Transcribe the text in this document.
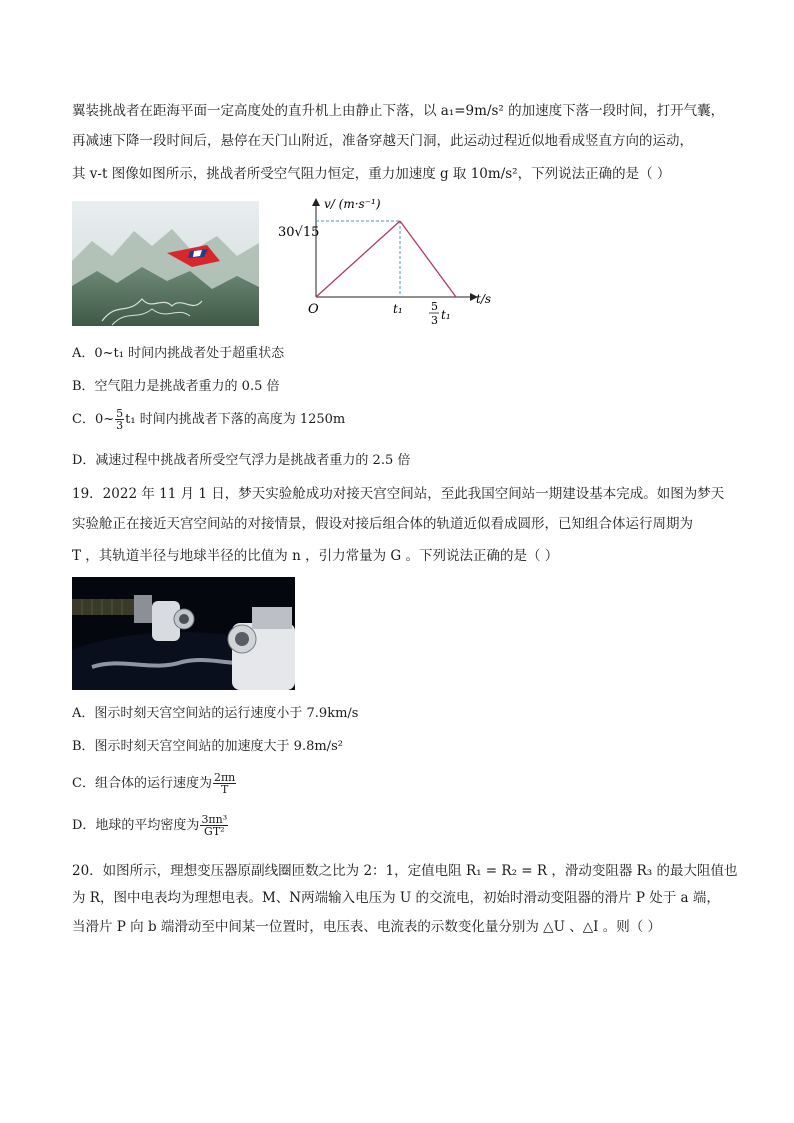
翼装挑战者在距海平面一定高度处的直升机上由静止下落，以 a₁=9m/s² 的加速度下落一段时间，打开气囊，
再减速下降一段时间后，悬停在天门山附近，准备穿越天门洞，此运动过程近似地看成竖直方向的运动，
其 v-t 图像如图所示，挑战者所受空气阻力恒定，重力加速度 g 取 10m/s²，下列说法正确的是（ ）
v/ (m·s⁻¹)
30√15
O	t₁	5
3 t₁
t/s
A．0~t₁ 时间内挑战者处于超重状态
B．空气阻力是挑战者重力的 0.5 倍
C．0~ $\frac{5}{3} t_1$ 时间内挑战者下落的高度为 1250m
D．减速过程中挑战者所受空气浮力是挑战者重力的 2.5 倍
19．2022 年 11 月 1 日，梦天实验舱成功对接天宫空间站，至此我国空间站一期建设基本完成。如图为梦天
实验舱正在接近天宫空间站的对接情景，假设对接后组合体的轨道近似看成圆形，已知组合体运行周期为
T ，其轨道半径与地球半径的比值为 n ，引力常量为 G 。下列说法正确的是（ ）
A．图示时刻天宫空间站的运行速度小于 7.9km/s
B．图示时刻天宫空间站的加速度大于 9.8m/s²
C．组合体的运行速度为 $\frac{2\pi n}{T}$
D．地球的平均密度为 $\frac{\text{3πn³}}{\text{GT²}}$
20．如图所示，理想变压器原副线圈匝数之比为 2：1，定值电阻 R₁ = R₂ = R ，滑动变阻器 R₃ 的最大阻值也
为 R，图中电表均为理想电表。M、N两端输入电压为 U 的交流电，初始时滑动变阻器的滑片 P 处于 a 端，
当滑片 P 向 b 端滑动至中间某一位置时，电压表、电流表的示数变化量分别为 △U 、△I 。则（ ）
